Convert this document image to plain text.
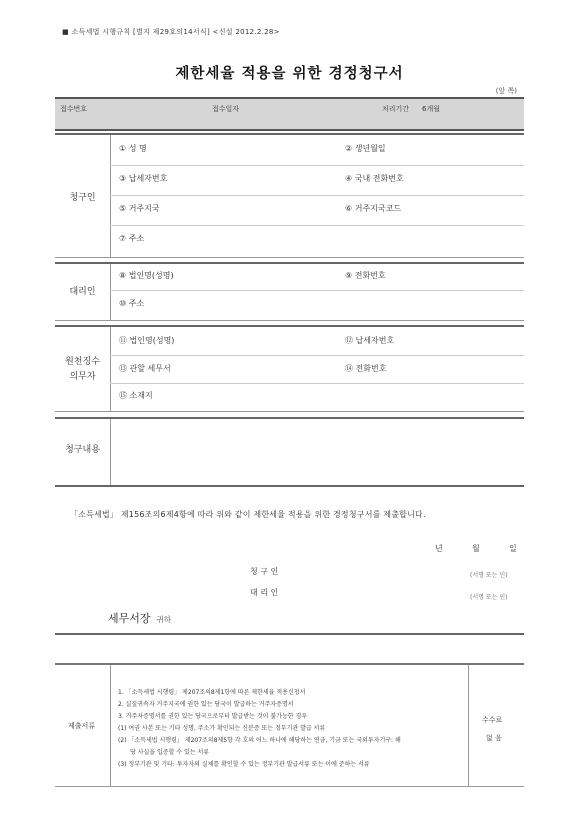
■ 소득세법 시행규칙 [별지 제29호의14서식] <신설 2012.2.28>
제한세율 적용을 위한 경정청구서
(앞 쪽)
접수번호	접수일자	처리기간 6개월
청구인
① 성 명	② 생년월일
③ 납세자번호	④ 국내 전화번호
⑤ 거주지국	⑥ 거주지국코드
⑦ 주소
대리인
⑧ 법인명(성명)	⑨ 전화번호
⑩ 주소
원천징수
의무자
⑪ 법인명(성명)	⑫ 납세자번호
⑬ 관할 세무서	⑭ 전화번호
⑮ 소재지
청구내용
「소득세법」 제156조의6제4항에 따라 위와 같이 제한세율 적용을 위한 경정청구서를 제출합니다.
년	월	일
청 구 인	(서명 또는 인)
대 리 인
(서명 또는 인)
세무서장 귀하
제출서류
1. 「소득세법 시행령」 제207조의8제1항에 따른 제한세율 적용신청서
2. 실질귀속자 거주지국에 권한 있는 당국이 발급하는 거주자증명서
3. 거주자증명서를 권한 있는 당국으로부터 발급받는 것이 불가능한 경우
(1) 여권 사본 또는 기타 성명, 주소가 확인되는 신분증 또는 정부기관 발급 서류
(2) 「소득세법 시행령」 제207조의8제5항 각 호의 어느 하나에 해당하는 연금, 기금 또는 국외투자기구: 해
당 사실을 입증할 수 있는 서류
(3) 정부기관 및 기타: 투자자의 실체를 확인할 수 있는 정부기관 발급서류 또는 이에 준하는 서류
수수료
없 음
